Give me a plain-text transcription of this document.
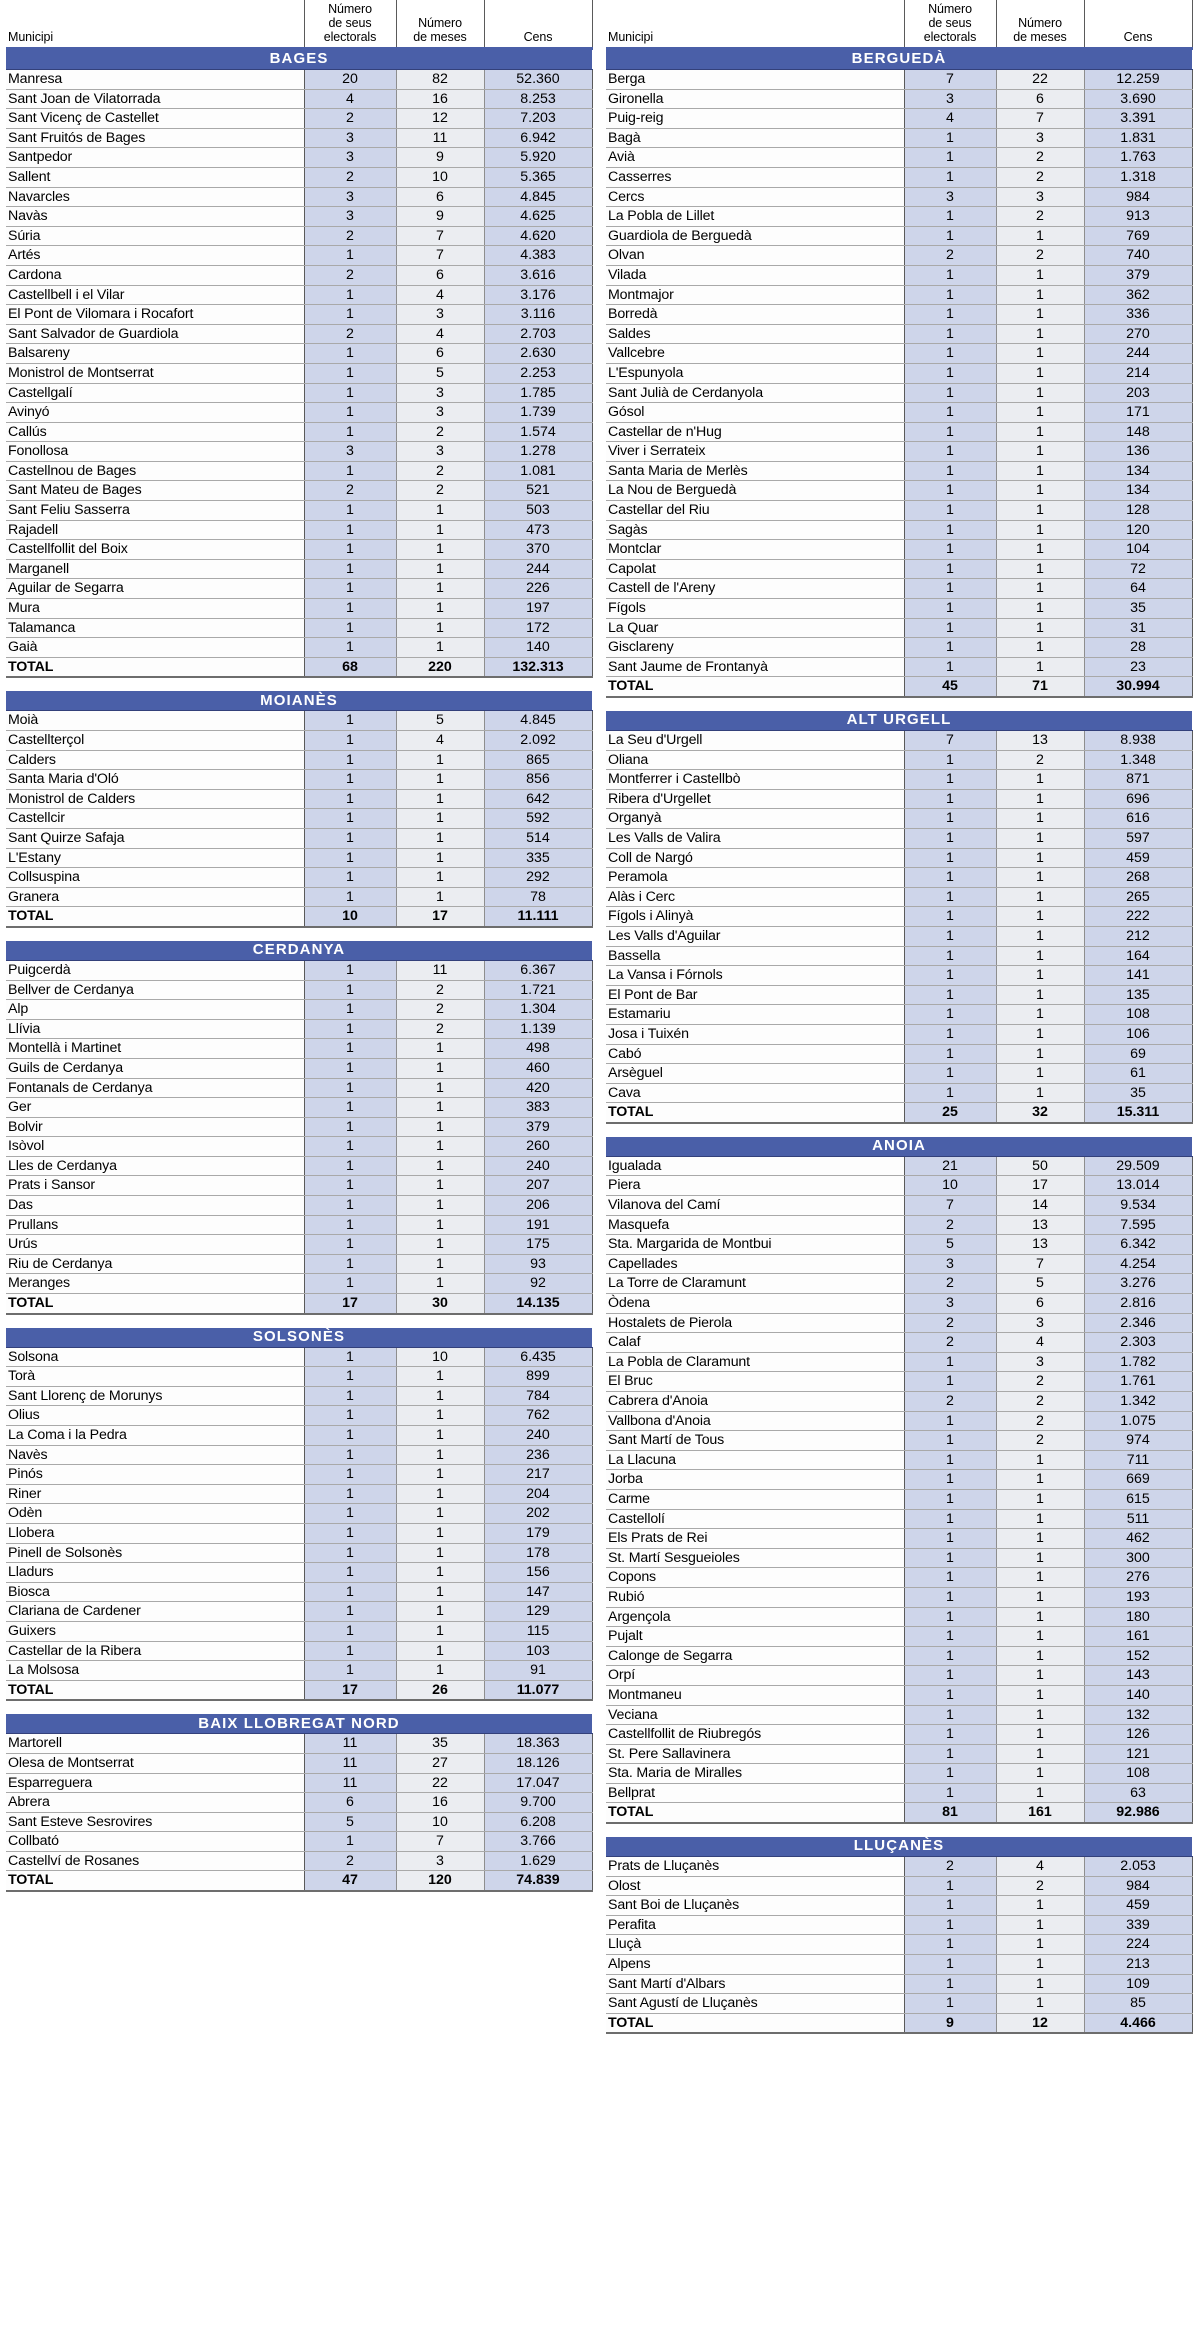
Municipi	Número
de seus
electorals	Número
de meses	Cens
BAGES			
Manresa	20	82	52.360
Sant Joan de Vilatorrada	4	16	8.253
Sant Vicenç de Castellet	2	12	7.203
Sant Fruitós de Bages	3	11	6.942
Santpedor	3	9	5.920
Sallent	2	10	5.365
Navarcles	3	6	4.845
Navàs	3	9	4.625
Súria	2	7	4.620
Artés	1	7	4.383
Cardona	2	6	3.616
Castellbell i el Vilar	1	4	3.176
El Pont de Vilomara i Rocafort	1	3	3.116
Sant Salvador de Guardiola	2	4	2.703
Balsareny	1	6	2.630
Monistrol de Montserrat	1	5	2.253
Castellgalí	1	3	1.785
Avinyó	1	3	1.739
Callús	1	2	1.574
Fonollosa	3	3	1.278
Castellnou de Bages	1	2	1.081
Sant Mateu de Bages	2	2	521
Sant Feliu Sasserra	1	1	503
Rajadell	1	1	473
Castellfollit del Boix	1	1	370
Marganell	1	1	244
Aguilar de Segarra	1	1	226
Mura	1	1	197
Talamanca	1	1	172
Gaià	1	1	140
TOTAL	68	220	132.313

MOIANÈS			
Moià	1	5	4.845
Castellterçol	1	4	2.092
Calders	1	1	865
Santa Maria d'Oló	1	1	856
Monistrol de Calders	1	1	642
Castellcir	1	1	592
Sant Quirze Safaja	1	1	514
L'Estany	1	1	335
Collsuspina	1	1	292
Granera	1	1	78
TOTAL	10	17	11.111

CERDANYA			
Puigcerdà	1	11	6.367
Bellver de Cerdanya	1	2	1.721
Alp	1	2	1.304
Llívia	1	2	1.139
Montellà i Martinet	1	1	498
Guils de Cerdanya	1	1	460
Fontanals de Cerdanya	1	1	420
Ger	1	1	383
Bolvir	1	1	379
Isòvol	1	1	260
Lles de Cerdanya	1	1	240
Prats i Sansor	1	1	207
Das	1	1	206
Prullans	1	1	191
Urús	1	1	175
Riu de Cerdanya	1	1	93
Meranges	1	1	92
TOTAL	17	30	14.135

SOLSONÈS			
Solsona	1	10	6.435
Torà	1	1	899
Sant Llorenç de Morunys	1	1	784
Olius	1	1	762
La Coma i la Pedra	1	1	240
Navès	1	1	236
Pinós	1	1	217
Riner	1	1	204
Odèn	1	1	202
Llobera	1	1	179
Pinell de Solsonès	1	1	178
Lladurs	1	1	156
Biosca	1	1	147
Clariana de Cardener	1	1	129
Guixers	1	1	115
Castellar de la Ribera	1	1	103
La Molsosa	1	1	91
TOTAL	17	26	11.077

BAIX LLOBREGAT NORD			
Martorell	11	35	18.363
Olesa de Montserrat	11	27	18.126
Esparreguera	11	22	17.047
Abrera	6	16	9.700
Sant Esteve Sesrovires	5	10	6.208
Collbató	1	7	3.766
Castellví de Rosanes	2	3	1.629
TOTAL	47	120	74.839
Municipi	Número
de seus
electorals	Número
de meses	Cens
BERGUEDÀ			
Berga	7	22	12.259
Gironella	3	6	3.690
Puig-reig	4	7	3.391
Bagà	1	3	1.831
Avià	1	2	1.763
Casserres	1	2	1.318
Cercs	3	3	984
La Pobla de Lillet	1	2	913
Guardiola de Berguedà	1	1	769
Olvan	2	2	740
Vilada	1	1	379
Montmajor	1	1	362
Borredà	1	1	336
Saldes	1	1	270
Vallcebre	1	1	244
L'Espunyola	1	1	214
Sant Julià de Cerdanyola	1	1	203
Gósol	1	1	171
Castellar de n'Hug	1	1	148
Viver i Serrateix	1	1	136
Santa Maria de Merlès	1	1	134
La Nou de Berguedà	1	1	134
Castellar del Riu	1	1	128
Sagàs	1	1	120
Montclar	1	1	104
Capolat	1	1	72
Castell de l'Areny	1	1	64
Fígols	1	1	35
La Quar	1	1	31
Gisclareny	1	1	28
Sant Jaume de Frontanyà	1	1	23
TOTAL	45	71	30.994

ALT URGELL			
La Seu d'Urgell	7	13	8.938
Oliana	1	2	1.348
Montferrer i Castellbò	1	1	871
Ribera d'Urgellet	1	1	696
Organyà	1	1	616
Les Valls de Valira	1	1	597
Coll de Nargó	1	1	459
Peramola	1	1	268
Alàs i Cerc	1	1	265
Fígols i Alinyà	1	1	222
Les Valls d'Aguilar	1	1	212
Bassella	1	1	164
La Vansa i Fórnols	1	1	141
El Pont de Bar	1	1	135
Estamariu	1	1	108
Josa i Tuixén	1	1	106
Cabó	1	1	69
Arsèguel	1	1	61
Cava	1	1	35
TOTAL	25	32	15.311

ANOIA			
Igualada	21	50	29.509
Piera	10	17	13.014
Vilanova del Camí	7	14	9.534
Masquefa	2	13	7.595
Sta. Margarida de Montbui	5	13	6.342
Capellades	3	7	4.254
La Torre de Claramunt	2	5	3.276
Òdena	3	6	2.816
Hostalets de Pierola	2	3	2.346
Calaf	2	4	2.303
La Pobla de Claramunt	1	3	1.782
El Bruc	1	2	1.761
Cabrera d'Anoia	2	2	1.342
Vallbona d'Anoia	1	2	1.075
Sant Martí de Tous	1	2	974
La Llacuna	1	1	711
Jorba	1	1	669
Carme	1	1	615
Castellolí	1	1	511
Els Prats de Rei	1	1	462
St. Martí Sesgueioles	1	1	300
Copons	1	1	276
Rubió	1	1	193
Argençola	1	1	180
Pujalt	1	1	161
Calonge de Segarra	1	1	152
Orpí	1	1	143
Montmaneu	1	1	140
Veciana	1	1	132
Castellfollit de Riubregós	1	1	126
St. Pere Sallavinera	1	1	121
Sta. Maria de Miralles	1	1	108
Bellprat	1	1	63
TOTAL	81	161	92.986

LLUÇANÈS			
Prats de Lluçanès	2	4	2.053
Olost	1	2	984
Sant Boi de Lluçanès	1	1	459
Perafita	1	1	339
Lluçà	1	1	224
Alpens	1	1	213
Sant Martí d'Albars	1	1	109
Sant Agustí de Lluçanès	1	1	85
TOTAL	9	12	4.466
